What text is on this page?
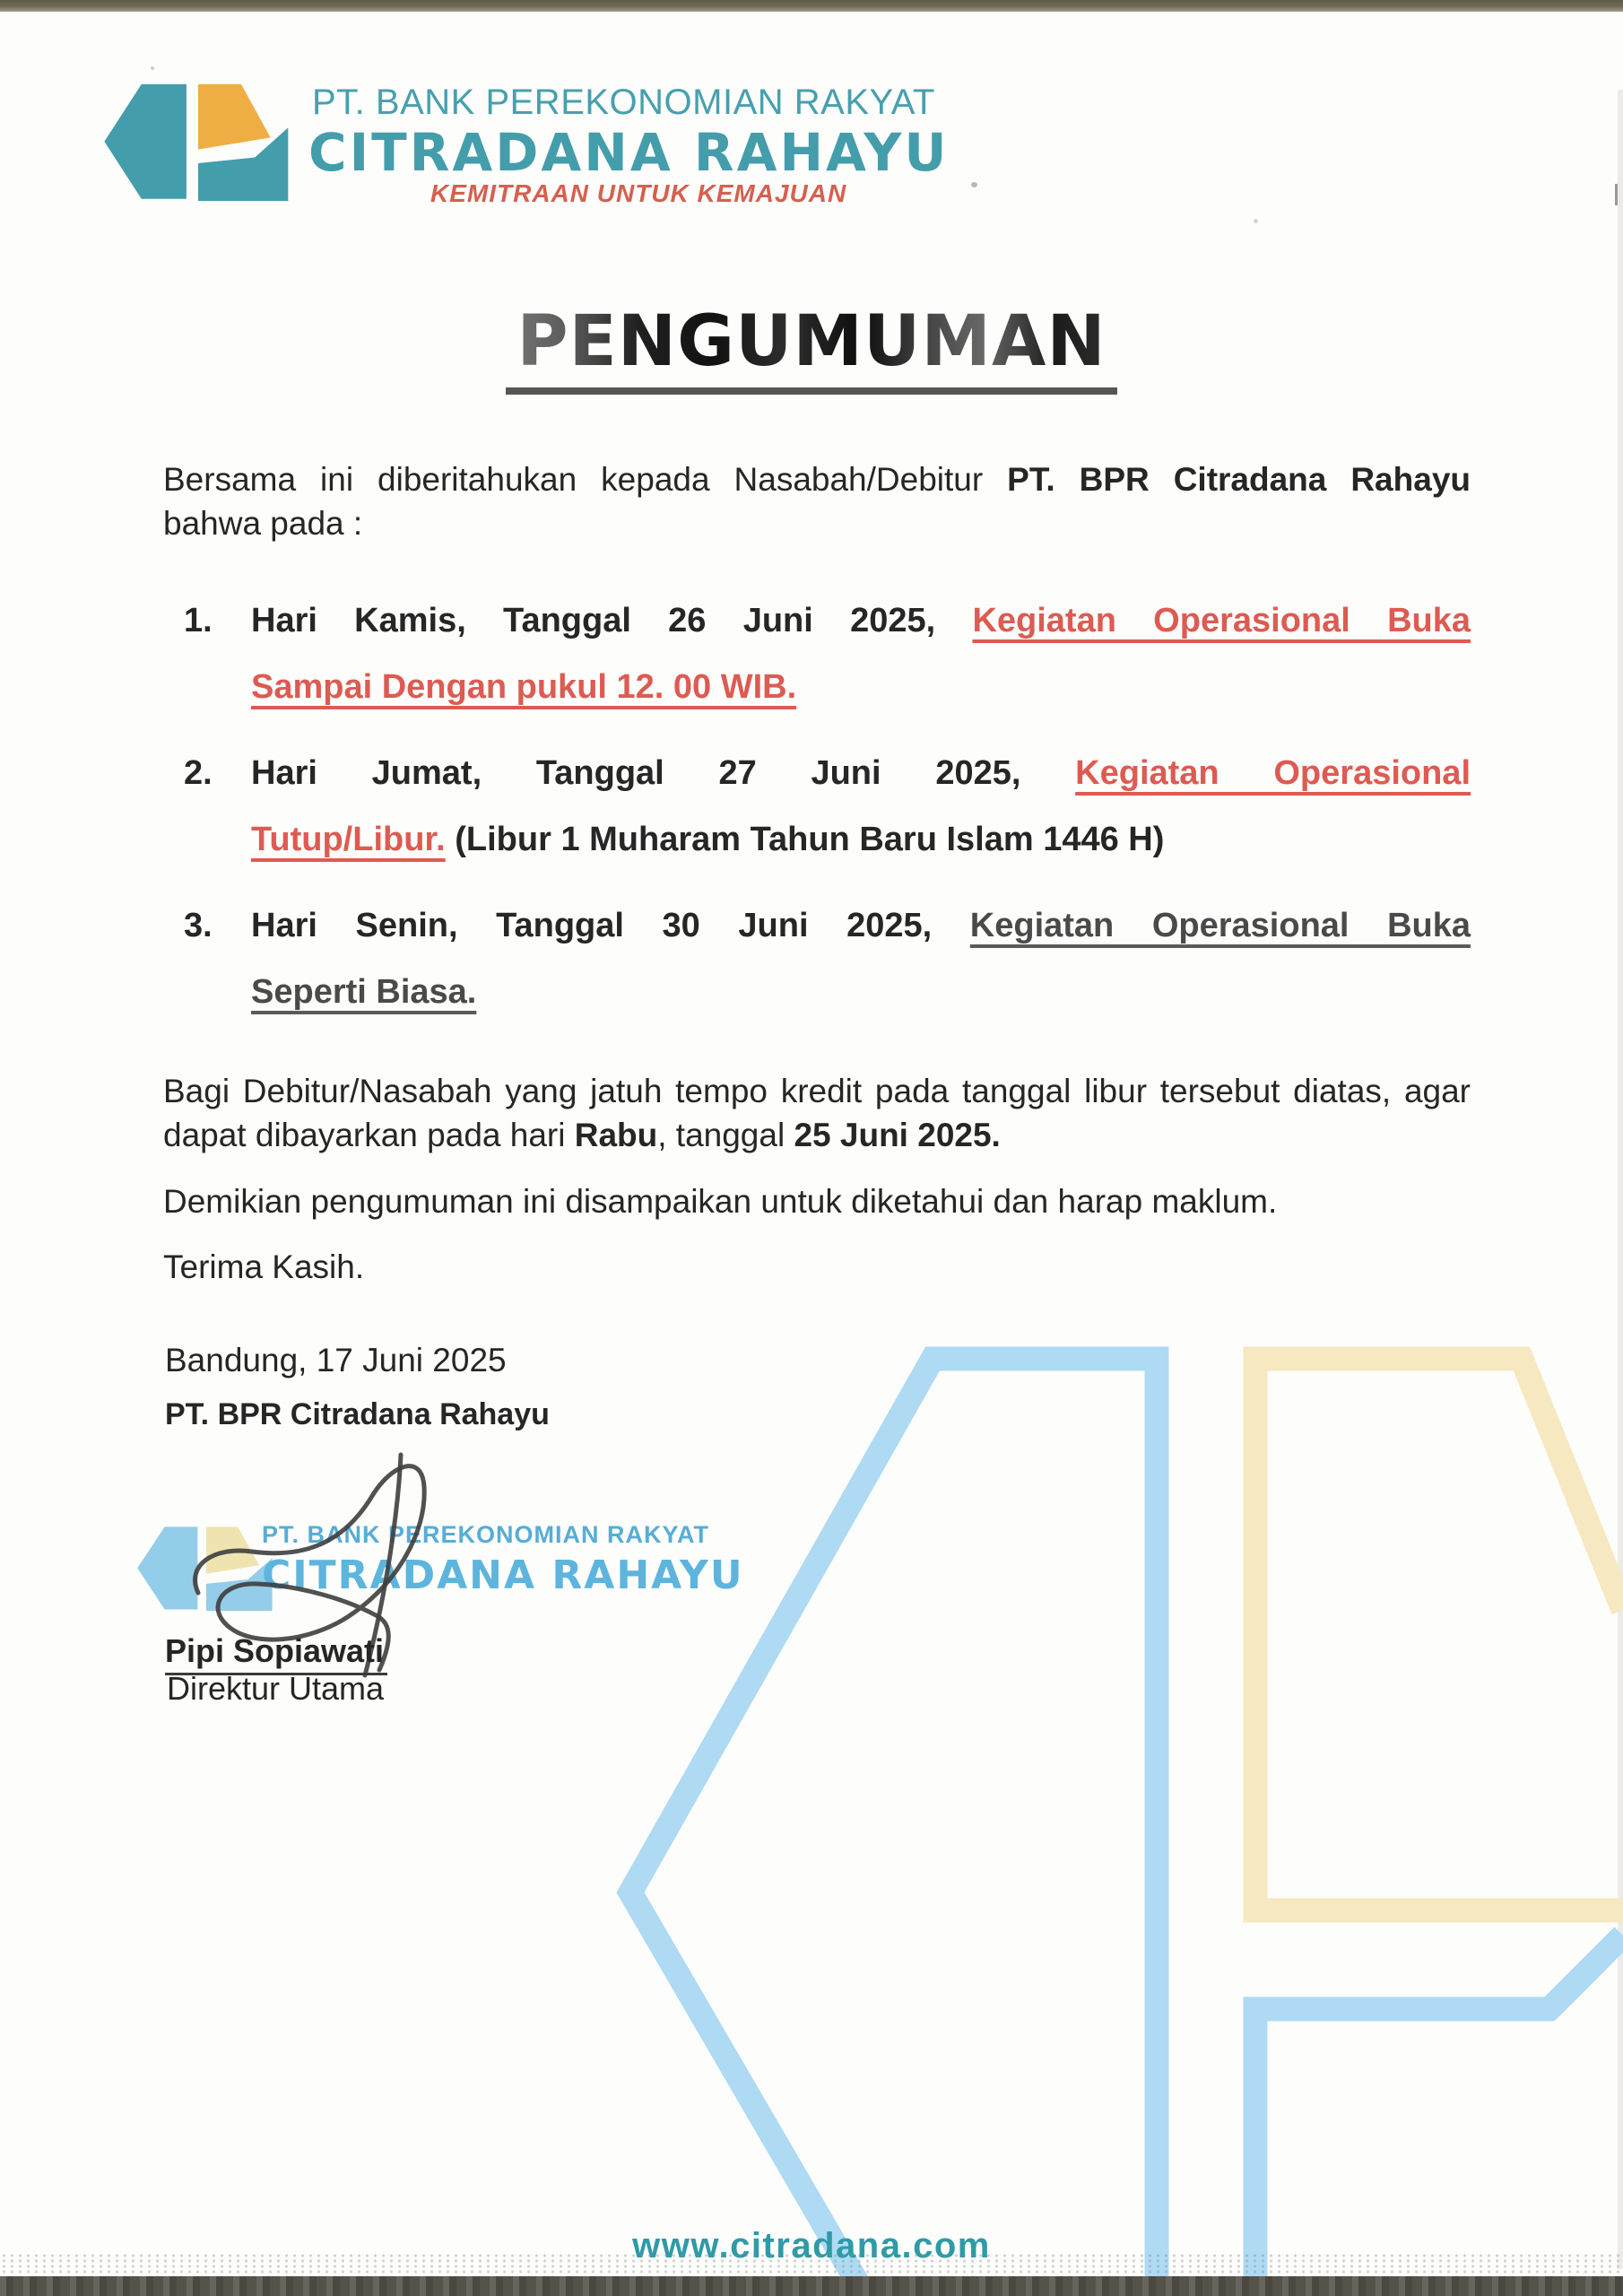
PT. BANK PEREKONOMIAN RAKYAT
CITRADANA RAHAYU
KEMITRAAN UNTUK KEMAJUAN
PENGUMUMAN
Bersama ini diberitahukan kepada Nasabah/Debitur PT. BPR Citradana Rahayu
bahwa pada :
1.	Hari Kamis, Tanggal 26 Juni 2025, Kegiatan Operasional Buka
Sampai Dengan pukul 12. 00 WIB.
2.	Hari Jumat, Tanggal 27 Juni 2025, Kegiatan Operasional
Tutup/Libur. (Libur 1 Muharam Tahun Baru Islam 1446 H)
3.	Hari Senin, Tanggal 30 Juni 2025, Kegiatan Operasional Buka
Seperti Biasa.
Bagi Debitur/Nasabah yang jatuh tempo kredit pada tanggal libur tersebut diatas, agar
dapat dibayarkan pada hari Rabu, tanggal 25 Juni 2025.
Demikian pengumuman ini disampaikan untuk diketahui dan harap maklum.
Terima Kasih.
Bandung, 17 Juni 2025
PT. BPR Citradana Rahayu
PT. BANK PEREKONOMIAN RAKYAT
CITRADANA RAHAYU
Pipi Sopiawati
Direktur Utama
www.citradana.com
